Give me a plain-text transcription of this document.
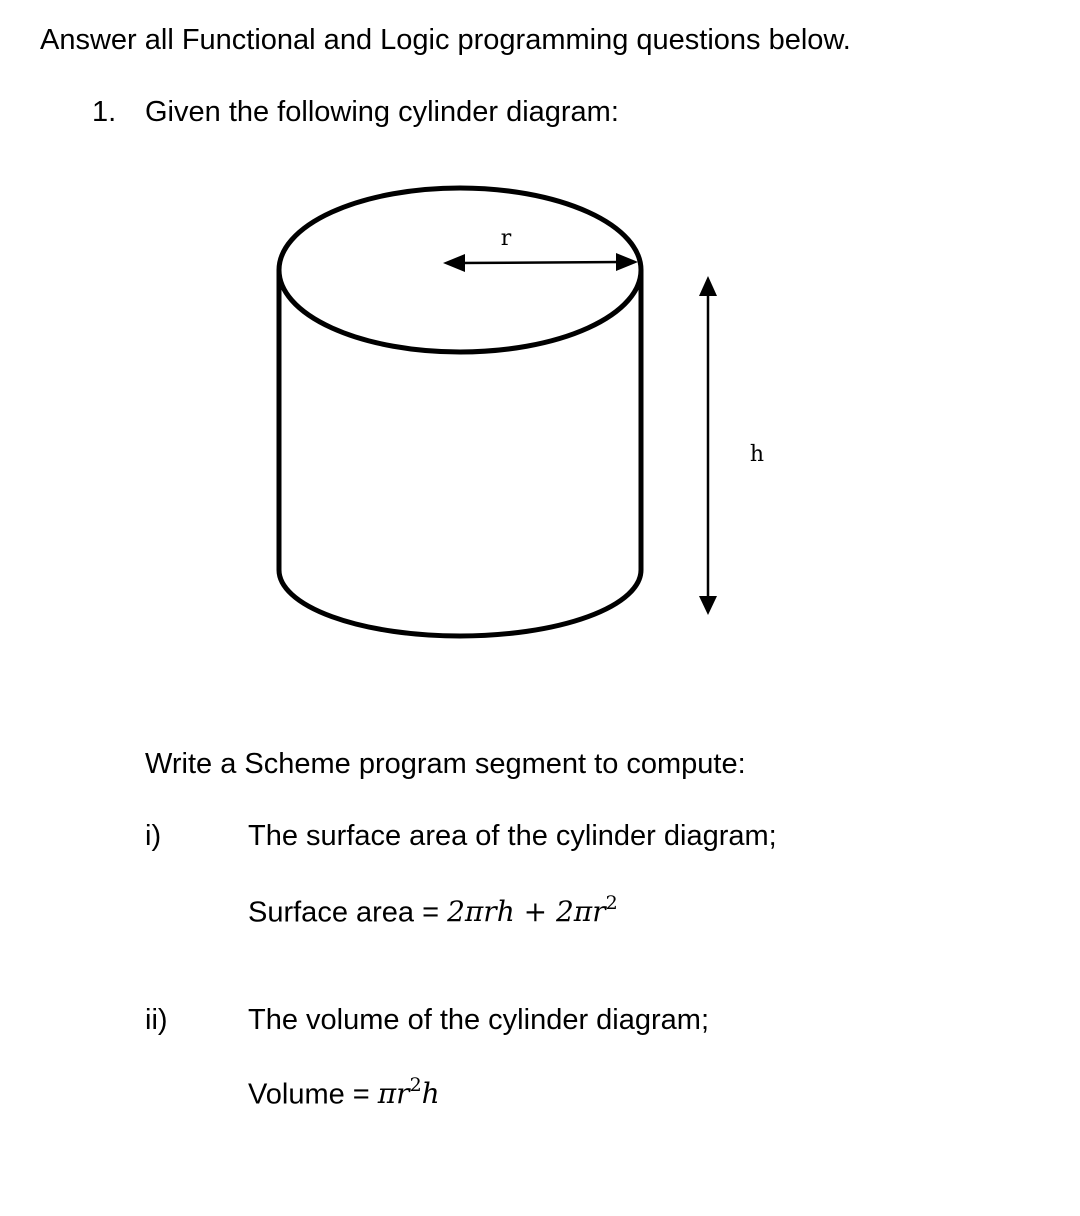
Answer all Functional and Logic programming questions below.
1. Given the following cylinder diagram:
r
h
Write a Scheme program segment to compute:
i)	The surface area of the cylinder diagram;
Surface area = $2\pi rh + 2\pi r^2$
ii)	The volume of the cylinder diagram;
Volume = $\pi r^2h$
